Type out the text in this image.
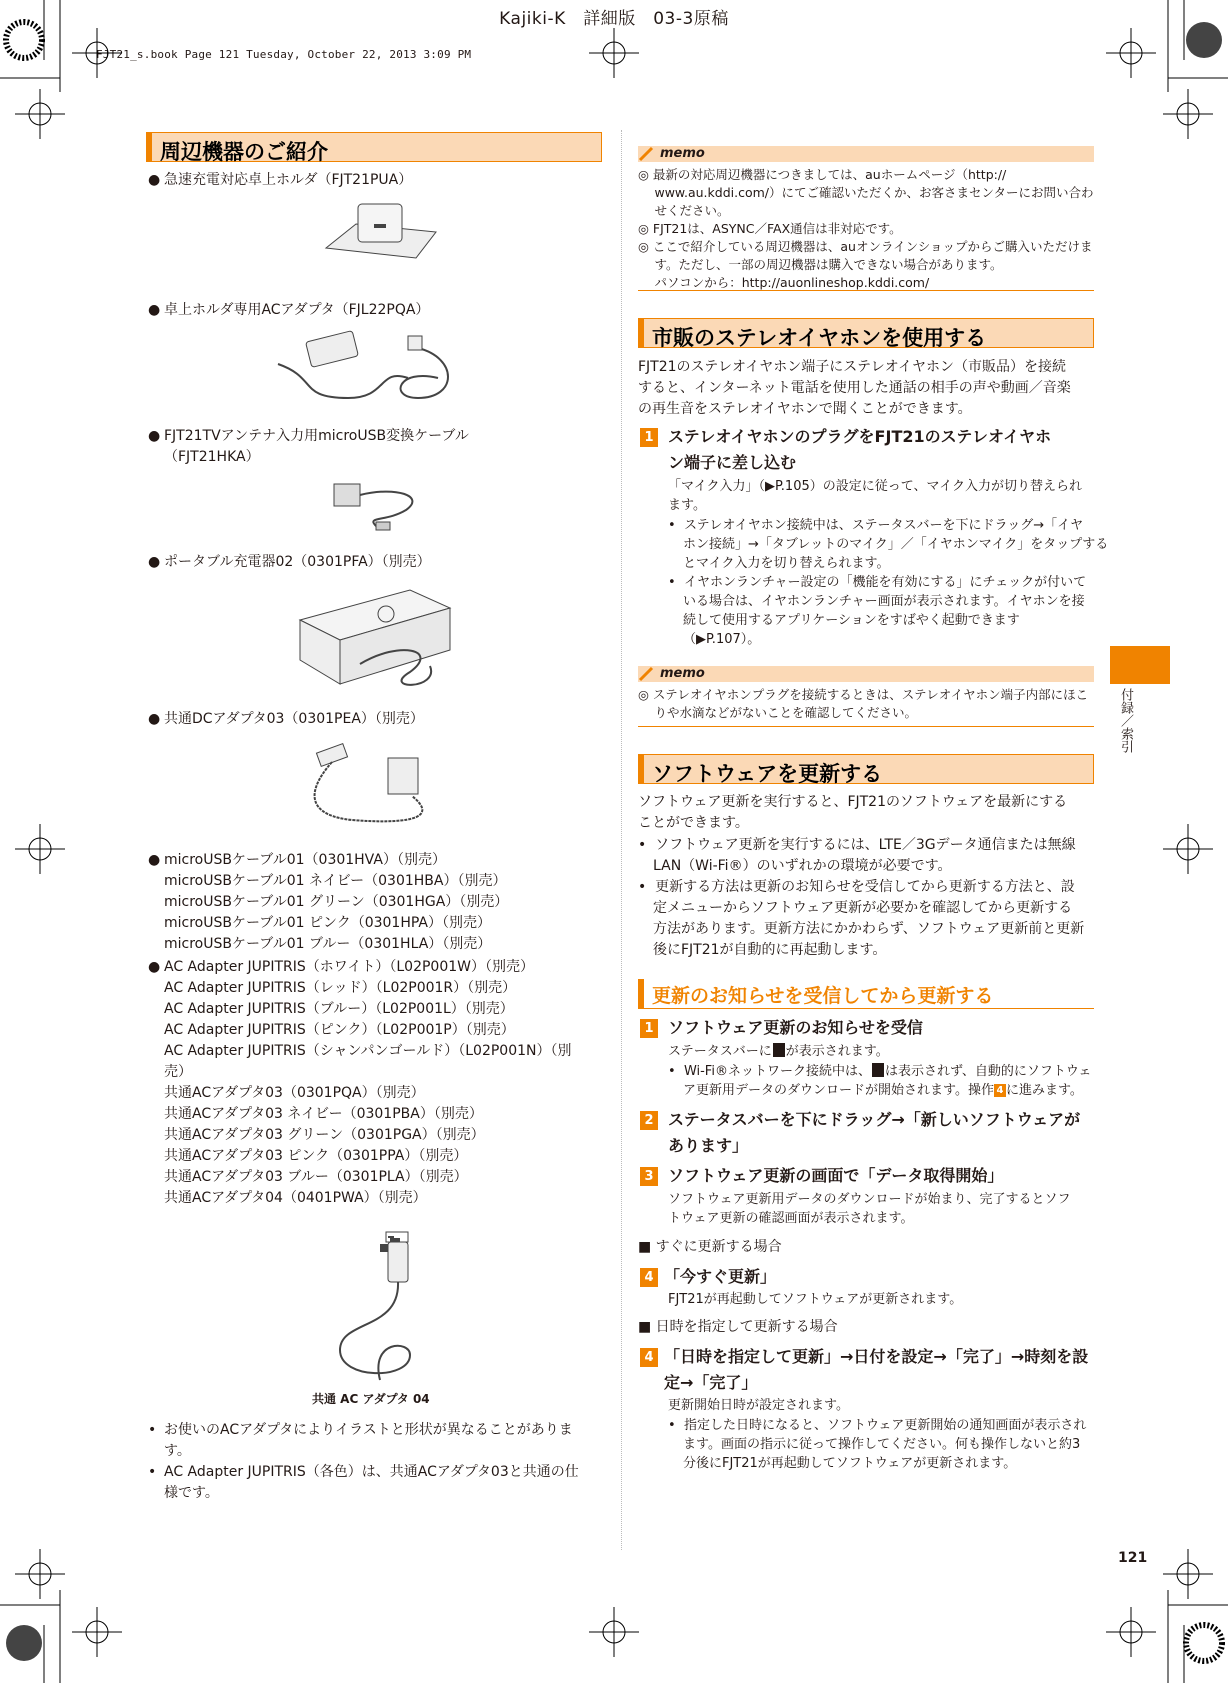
Kajiki-K　詳細版　03-3原稿
FJT21_s.book Page 121 Tuesday, October 22, 2013 3:09 PM
周辺機器のご紹介
● 急速充電対応卓上ホルダ（FJT21PUA）
● 卓上ホルダ専用ACアダプタ（FJL22PQA）
● FJT21TVアンテナ入力用microUSB変換ケーブル
（FJT21HKA）
● ポータブル充電器02（0301PFA）（別売）
● 共通DCアダプタ03（0301PEA）（別売）
● microUSBケーブル01（0301HVA）（別売）
microUSBケーブル01 ネイビー（0301HBA）（別売）
microUSBケーブル01 グリーン（0301HGA）（別売）
microUSBケーブル01 ピンク（0301HPA）（別売）
microUSBケーブル01 ブルー（0301HLA）（別売）
● AC Adapter JUPITRIS（ホワイト）（L02P001W）（別売）
AC Adapter JUPITRIS（レッド）（L02P001R）（別売）
AC Adapter JUPITRIS（ブルー）（L02P001L）（別売）
AC Adapter JUPITRIS（ピンク）（L02P001P）（別売）
AC Adapter JUPITRIS（シャンパンゴールド）（L02P001N）（別
売）
共通ACアダプタ03（0301PQA）（別売）
共通ACアダプタ03 ネイビー（0301PBA）（別売）
共通ACアダプタ03 グリーン（0301PGA）（別売）
共通ACアダプタ03 ピンク（0301PPA）（別売）
共通ACアダプタ03 ブルー（0301PLA）（別売）
共通ACアダプタ04（0401PWA）（別売）
共通 AC アダプタ 04
• お使いのACアダプタによりイラストと形状が異なることがありま
す。
• AC Adapter JUPITRIS（各色）は、共通ACアダプタ03と共通の仕
様です。
memo
◎ 最新の対応周辺機器につきましては、auホームページ（http://
　 www.au.kddi.com/）にてご確認いただくか、お客さまセンターにお問い合わ
　 せください。
◎ FJT21は、ASYNC／FAX通信は非対応です。
◎ ここで紹介している周辺機器は、auオンラインショップからご購入いただけま
　 す。ただし、一部の周辺機器は購入できない場合があります。
　 パソコンから：http://auonlineshop.kddi.com/
市販のステレオイヤホンを使用する
FJT21のステレオイヤホン端子にステレオイヤホン（市販品）を接続
すると、インターネット電話を使用した通話の相手の声や動画／音楽
の再生音をステレオイヤホンで聞くことができます。
1 ステレオイヤホンのプラグをFJT21のステレオイヤホ
ン端子に差し込む
「マイク入力」（▶P.105）の設定に従って、マイク入力が切り替えられ
ます。
•  ステレオイヤホン接続中は、ステータスバーを下にドラッグ→「イヤ
ホン接続」→「タブレットのマイク」／「イヤホンマイク」をタップする
とマイク入力を切り替えられます。
•  イヤホンランチャー設定の「機能を有効にする」にチェックが付いて
いる場合は、イヤホンランチャー画面が表示されます。イヤホンを接
続して使用するアプリケーションをすばやく起動できます
（▶P.107）。
memo
◎ ステレオイヤホンプラグを接続するときは、ステレオイヤホン端子内部にほこ
　 りや水滴などがないことを確認してください。
ソフトウェアを更新する
ソフトウェア更新を実行すると、FJT21のソフトウェアを最新にする
ことができます。
•  ソフトウェア更新を実行するには、LTE／3Gデータ通信または無線
LAN（Wi-Fi®）のいずれかの環境が必要です。
•  更新する方法は更新のお知らせを受信してから更新する方法と、設
定メニューからソフトウェア更新が必要かを確認してから更新する
方法があります。更新方法にかかわらず、ソフトウェア更新前と更新
後にFJT21が自動的に再起動します。
更新のお知らせを受信してから更新する
1 ソフトウェア更新のお知らせを受信
ステータスバーに が表示されます。
•  Wi-Fi®ネットワーク接続中は、 は表示されず、自動的にソフトウェ
ア更新用データのダウンロードが開始されます。操作 4 に進みます。
2 ステータスバーを下にドラッグ→「新しいソフトウェアが
あります」
3 ソフトウェア更新の画面で「データ取得開始」
ソフトウェア更新用データのダウンロードが始まり、完了するとソフ
トウェア更新の確認画面が表示されます。
■ すぐに更新する場合
4 「今すぐ更新」
FJT21が再起動してソフトウェアが更新されます。
■ 日時を指定して更新する場合
4 「日時を指定して更新」→日付を設定→「完了」→時刻を設
定→「完了」
更新開始日時が設定されます。
•  指定した日時になると、ソフトウェア更新開始の通知画面が表示され
ます。画面の指示に従って操作してください。何も操作しないと約3
分後にFJT21が再起動してソフトウェアが更新されます。
付録／索引
121
